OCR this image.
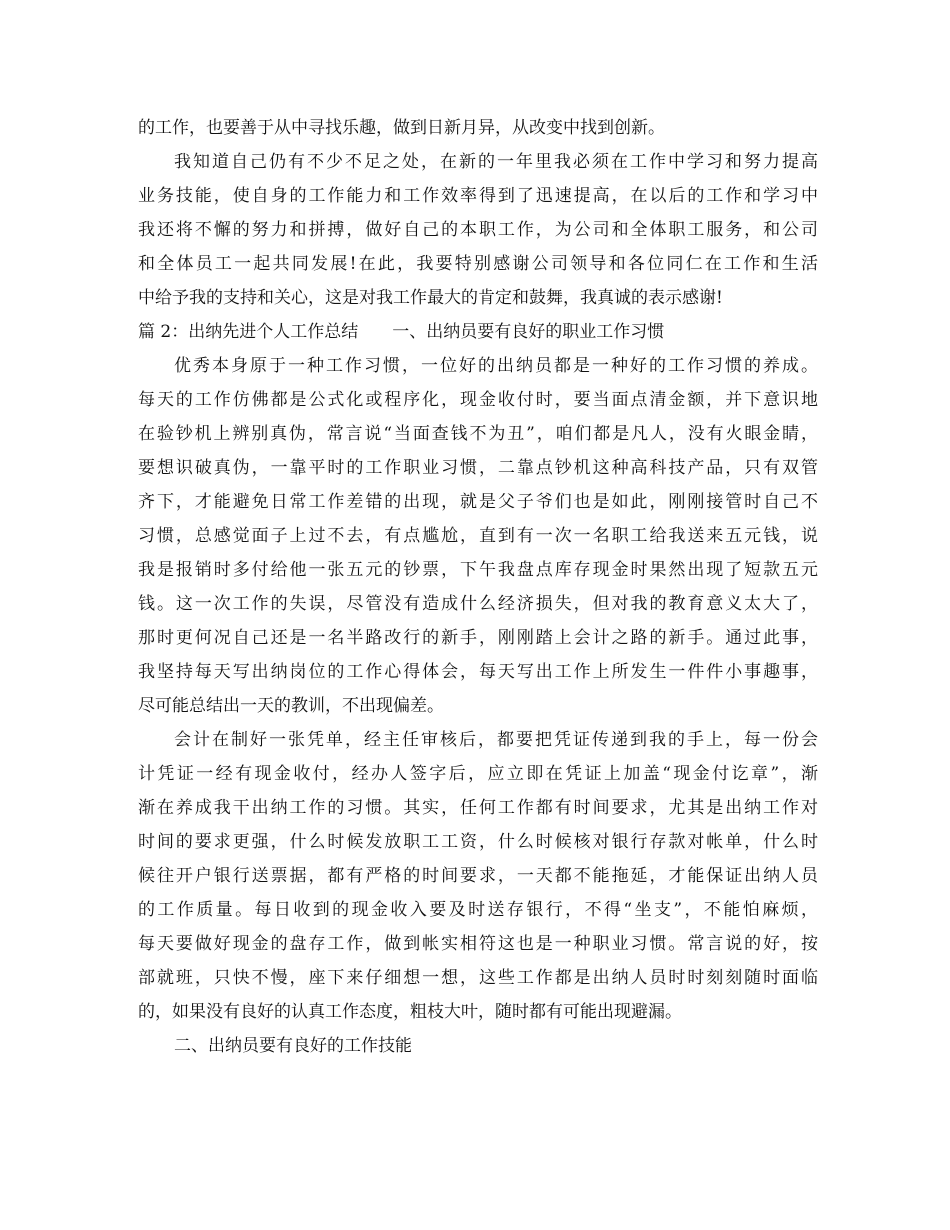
的工作，也要善于从中寻找乐趣，做到日新月异，从改变中找到创新。
我知道自己仍有不少不足之处，在新的一年里我必须在工作中学习和努力提高
业务技能，使自身的工作能力和工作效率得到了迅速提高，在以后的工作和学习中
我还将不懈的努力和拼搏，做好自己的本职工作，为公司和全体职工服务，和公司
和全体员工一起共同发展!在此，我要特别感谢公司领导和各位同仁在工作和生活
中给予我的支持和关心，这是对我工作最大的肯定和鼓舞，我真诚的表示感谢!
篇 2：出纳先进个人工作总结　　一、出纳员要有良好的职业工作习惯
优秀本身原于一种工作习惯，一位好的出纳员都是一种好的工作习惯的养成。
每天的工作仿佛都是公式化或程序化，现金收付时，要当面点清金额，并下意识地
在验钞机上辨别真伪，常言说“当面查钱不为丑”，咱们都是凡人，没有火眼金睛，
要想识破真伪，一靠平时的工作职业习惯，二靠点钞机这种高科技产品，只有双管
齐下，才能避免日常工作差错的出现，就是父子爷们也是如此，刚刚接管时自己不
习惯，总感觉面子上过不去，有点尴尬，直到有一次一名职工给我送来五元钱，说
我是报销时多付给他一张五元的钞票，下午我盘点库存现金时果然出现了短款五元
钱。这一次工作的失误，尽管没有造成什么经济损失，但对我的教育意义太大了，
那时更何况自己还是一名半路改行的新手，刚刚踏上会计之路的新手。通过此事，
我坚持每天写出纳岗位的工作心得体会，每天写出工作上所发生一件件小事趣事，
尽可能总结出一天的教训，不出现偏差。
会计在制好一张凭单，经主任审核后，都要把凭证传递到我的手上，每一份会
计凭证一经有现金收付，经办人签字后，应立即在凭证上加盖“现金付讫章”，渐
渐在养成我干出纳工作的习惯。其实，任何工作都有时间要求，尤其是出纳工作对
时间的要求更强，什么时候发放职工工资，什么时候核对银行存款对帐单，什么时
候往开户银行送票据，都有严格的时间要求，一天都不能拖延，才能保证出纳人员
的工作质量。每日收到的现金收入要及时送存银行，不得“坐支”，不能怕麻烦，
每天要做好现金的盘存工作，做到帐实相符这也是一种职业习惯。常言说的好，按
部就班，只快不慢，座下来仔细想一想，这些工作都是出纳人员时时刻刻随时面临
的，如果没有良好的认真工作态度，粗枝大叶，随时都有可能出现避漏。
二、出纳员要有良好的工作技能
